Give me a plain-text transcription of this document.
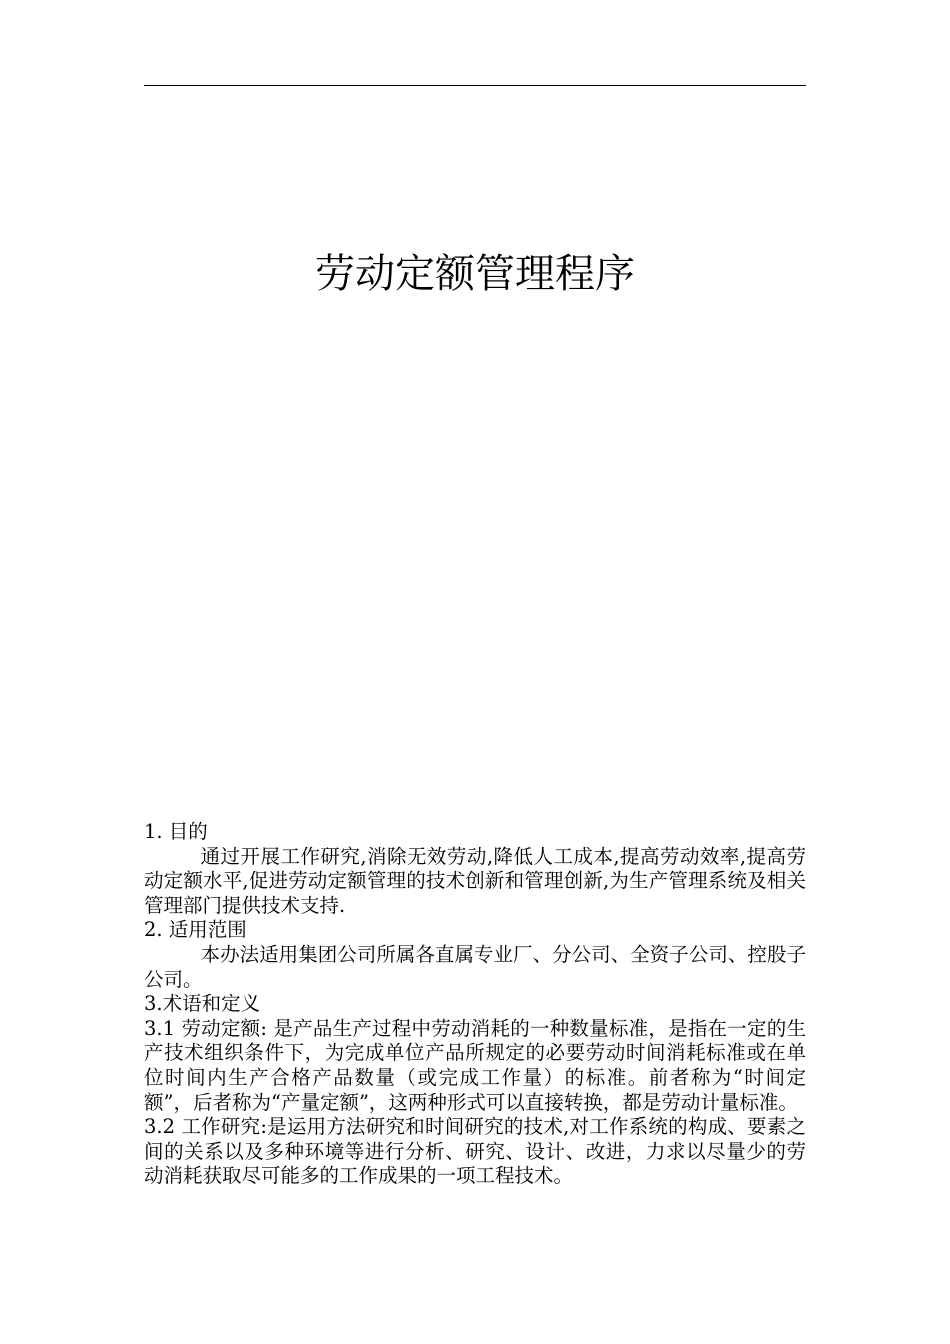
劳动定额管理程序

1. 目的

通过开展工作研究,消除无效劳动,降低人工成本,提高劳动效率,提高劳动定额水平,促进劳动定额管理的技术创新和管理创新,为生产管理系统及相关管理部门提供技术支持.

2. 适用范围

本办法适用集团公司所属各直属专业厂、分公司、全资子公司、控股子公司。

3.术语和定义

3.1 劳动定额: 是产品生产过程中劳动消耗的一种数量标准，是指在一定的生产技术组织条件下，为完成单位产品所规定的必要劳动时间消耗标准或在单位时间内生产合格产品数量（或完成工作量）的标准。前者称为“时间定额”，后者称为“产量定额”，这两种形式可以直接转换，都是劳动计量标准。

3.2 工作研究:是运用方法研究和时间研究的技术,对工作系统的构成、要素之间的关系以及多种环境等进行分析、研究、设计、改进，力求以尽量少的劳动消耗获取尽可能多的工作成果的一项工程技术。
